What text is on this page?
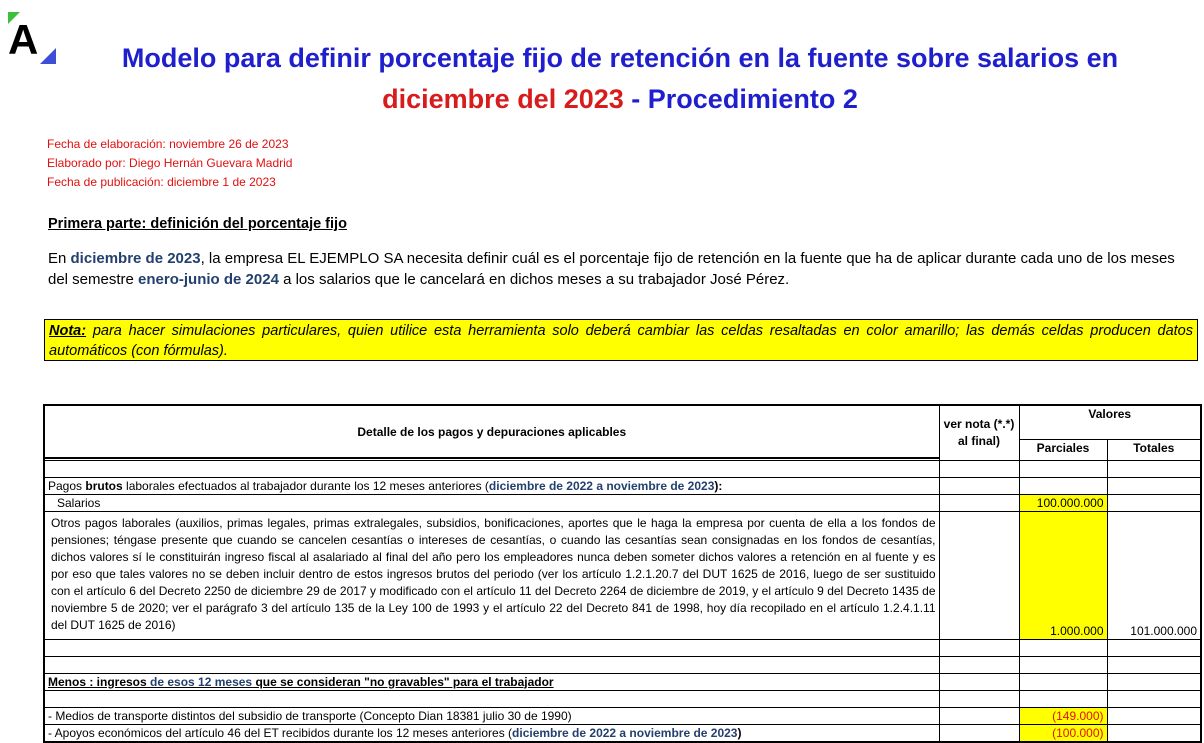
A	Modelo para definir porcentaje fijo de retención en la fuente sobre salarios en
diciembre del 2023 - Procedimiento 2
Fecha de elaboración: noviembre 26 de 2023
Elaborado por: Diego Hernán Guevara Madrid
Fecha de publicación: diciembre 1 de 2023
Primera parte: definición del porcentaje fijo
En diciembre de 2023, la empresa EL EJEMPLO SA necesita definir cuál es el porcentaje fijo de retención en la fuente que ha de aplicar durante cada uno de los meses del semestre enero-junio de 2024 a los salarios que le cancelará en dichos meses a su trabajador José Pérez.
Nota: para hacer simulaciones particulares, quien utilice esta herramienta solo deberá cambiar las celdas resaltadas en color amarillo; las demás celdas producen datos automáticos (con fórmulas).
Detalle de los pagos y depuraciones aplicables	ver nota (*.*) al final)	Valores	
		Parciales	Totales

Pagos brutos laborales efectuados al trabajador durante los 12 meses anteriores (diciembre de 2022 a noviembre de 2023):			
Salarios		100.000.000	
Otros pagos laborales (auxilios, primas legales, primas extralegales, subsidios, bonificaciones, aportes que le haga la empresa por cuenta de ella a los fondos de pensiones; téngase presente que cuando se cancelen cesantías o intereses de cesantías, o cuando las cesantías sean consignadas en los fondos de cesantías, dichos valores sí le constituirán ingreso fiscal al asalariado al final del año pero los empleadores nunca deben someter dichos valores a retención en al fuente y es por eso que tales valores no se deben incluir dentro de estos ingresos brutos del periodo (ver los artículo 1.2.1.20.7 del DUT 1625 de 2016, luego de ser sustituido con el artículo 6 del Decreto 2250 de diciembre 29 de 2017 y modificado con el artículo 11 del Decreto 2264 de diciembre de 2019, y el artículo 9 del Decreto 1435 de noviembre 5 de 2020; ver el parágrafo 3 del artículo 135 de la Ley 100 de 1993 y el artículo 22 del Decreto 841 de 1998, hoy día recopilado en el artículo 1.2.4.1.11 del DUT 1625 de 2016)		1.000.000	101.000.000

Menos : ingresos de esos 12 meses que se consideran "no gravables" para el trabajador			

- Medios de transporte distintos del subsidio de transporte (Concepto Dian 18381 julio 30 de 1990)		(149.000)	
- Apoyos económicos del artículo 46 del ET recibidos durante los 12 meses anteriores (diciembre de 2022 a noviembre de 2023)		(100.000)	
